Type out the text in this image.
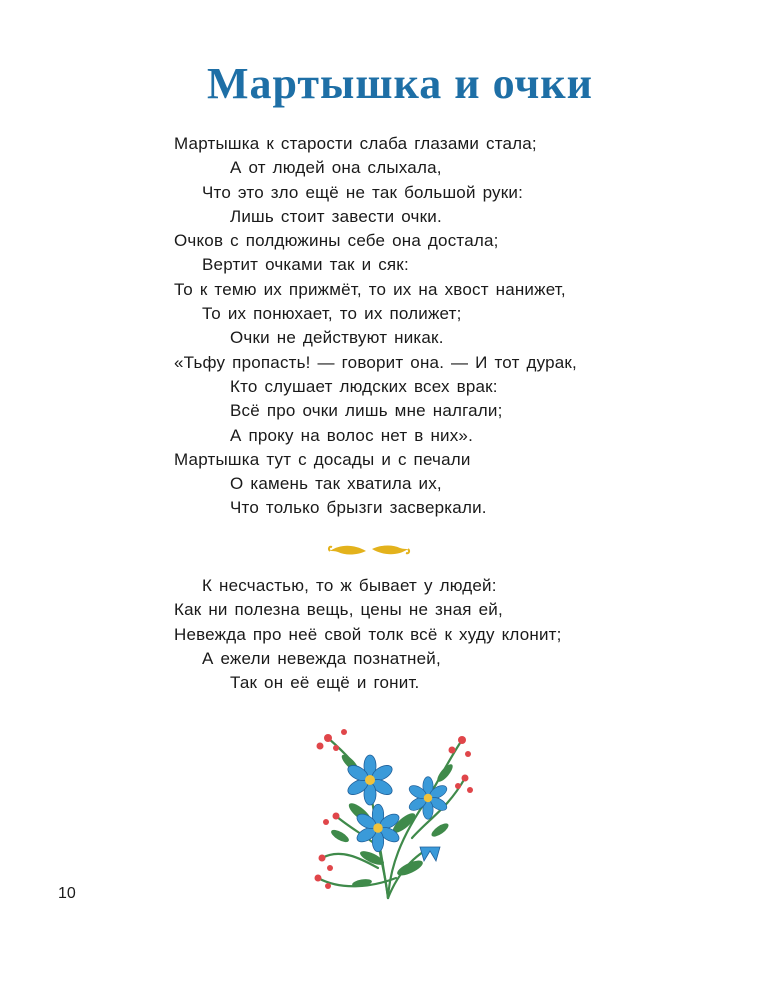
Мартышка и очки
Мартышка к старости слаба глазами стала;
А от людей она слыхала,
Что это зло ещё не так большой руки:
Лишь стоит завести очки.
Очков с полдюжины себе она достала;
Вертит очками так и сяк:
То к темю их прижмёт, то их на хвост нанижет,
То их понюхает, то их полижет;
Очки не действуют никак.
«Тьфу пропасть! — говорит она. — И тот дурак,
Кто слушает людских всех врак:
Всё про очки лишь мне налгали;
А проку на волос нет в них».
Мартышка тут с досады и с печали
О камень так хватила их,
Что только брызги засверкали.
К несчастью, то ж бывает у людей:
Как ни полезна вещь, цены не зная ей,
Невежда про неё свой толк всё к худу клонит;
А ежели невежда познатней,
Так он её ещё и гонит.
10
